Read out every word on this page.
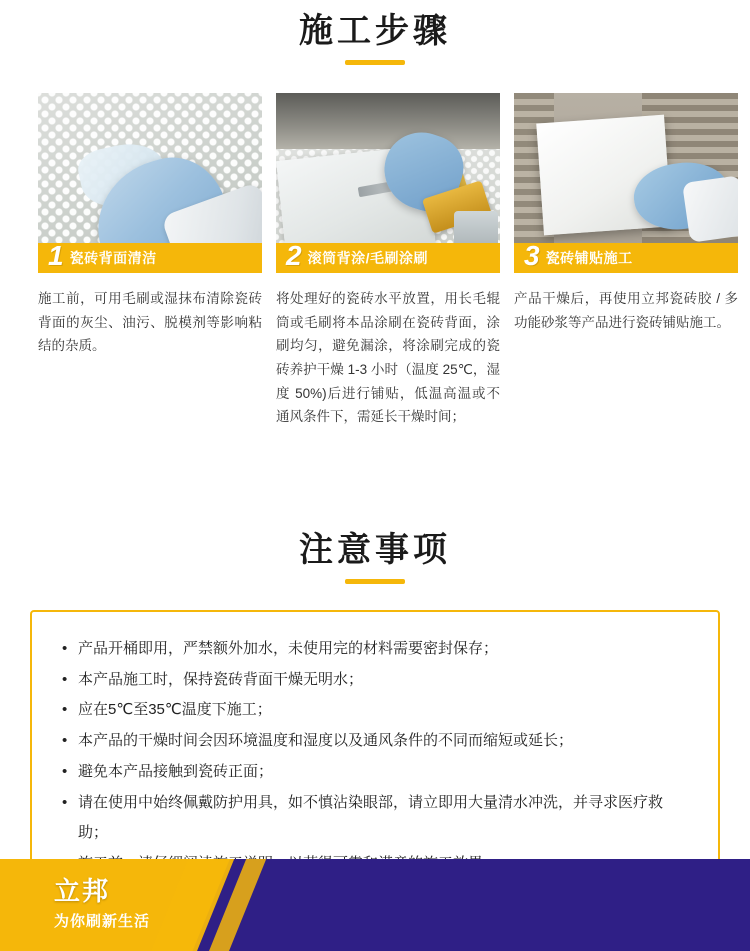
施工步骤
1 瓷砖背面清洁
施工前，可用毛刷或湿抹布清除瓷砖背面的灰尘、油污、脱模剂等影响粘结的杂质。
2 滚筒背涂/毛刷涂刷
将处理好的瓷砖水平放置，用长毛辊筒或毛刷将本品涂刷在瓷砖背面，涂刷均匀，避免漏涂，将涂刷完成的瓷砖养护干燥 1-3 小时（温度 25℃，湿度 50%)后进行铺贴，低温高温或不通风条件下，需延长干燥时间；
3 瓷砖铺贴施工
产品干燥后，再使用立邦瓷砖胶 / 多功能砂浆等产品进行瓷砖铺贴施工。
注意事项
• 产品开桶即用，严禁额外加水，未使用完的材料需要密封保存；
• 本产品施工时，保持瓷砖背面干燥无明水；
• 应在5℃至35℃温度下施工；
• 本产品的干燥时间会因环境温度和湿度以及通风条件的不同而缩短或延长；
• 避免本产品接触到瓷砖正面；
• 请在使用中始终佩戴防护用具，如不慎沾染眼部，请立即用大量清水冲洗，并寻求医疗救助；
•
立邦
为你刷新生活
